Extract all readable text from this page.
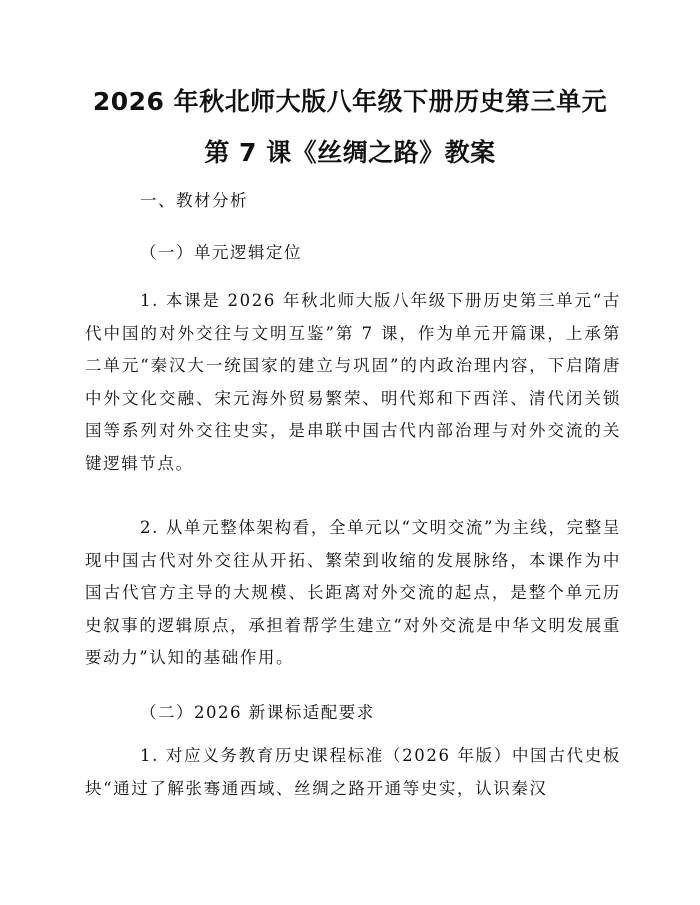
2026 年秋北师大版八年级下册历史第三单元
第 7 课《丝绸之路》教案

一、教材分析

（一）单元逻辑定位

1. 本课是 2026 年秋北师大版八年级下册历史第三单元“古代中国的对外交往与文明互鉴”第 7 课，作为单元开篇课，上承第二单元“秦汉大一统国家的建立与巩固”的内政治理内容，下启隋唐中外文化交融、宋元海外贸易繁荣、明代郑和下西洋、清代闭关锁国等系列对外交往史实，是串联中国古代内部治理与对外交流的关键逻辑节点。

2. 从单元整体架构看，全单元以“文明交流”为主线，完整呈现中国古代对外交往从开拓、繁荣到收缩的发展脉络，本课作为中国古代官方主导的大规模、长距离对外交流的起点，是整个单元历史叙事的逻辑原点，承担着帮学生建立“对外交流是中华文明发展重要动力”认知的基础作用。

（二）2026 新课标适配要求

1. 对应义务教育历史课程标准（2026 年版）中国古代史板块“通过了解张骞通西域、丝绸之路开通等史实，认识秦汉
